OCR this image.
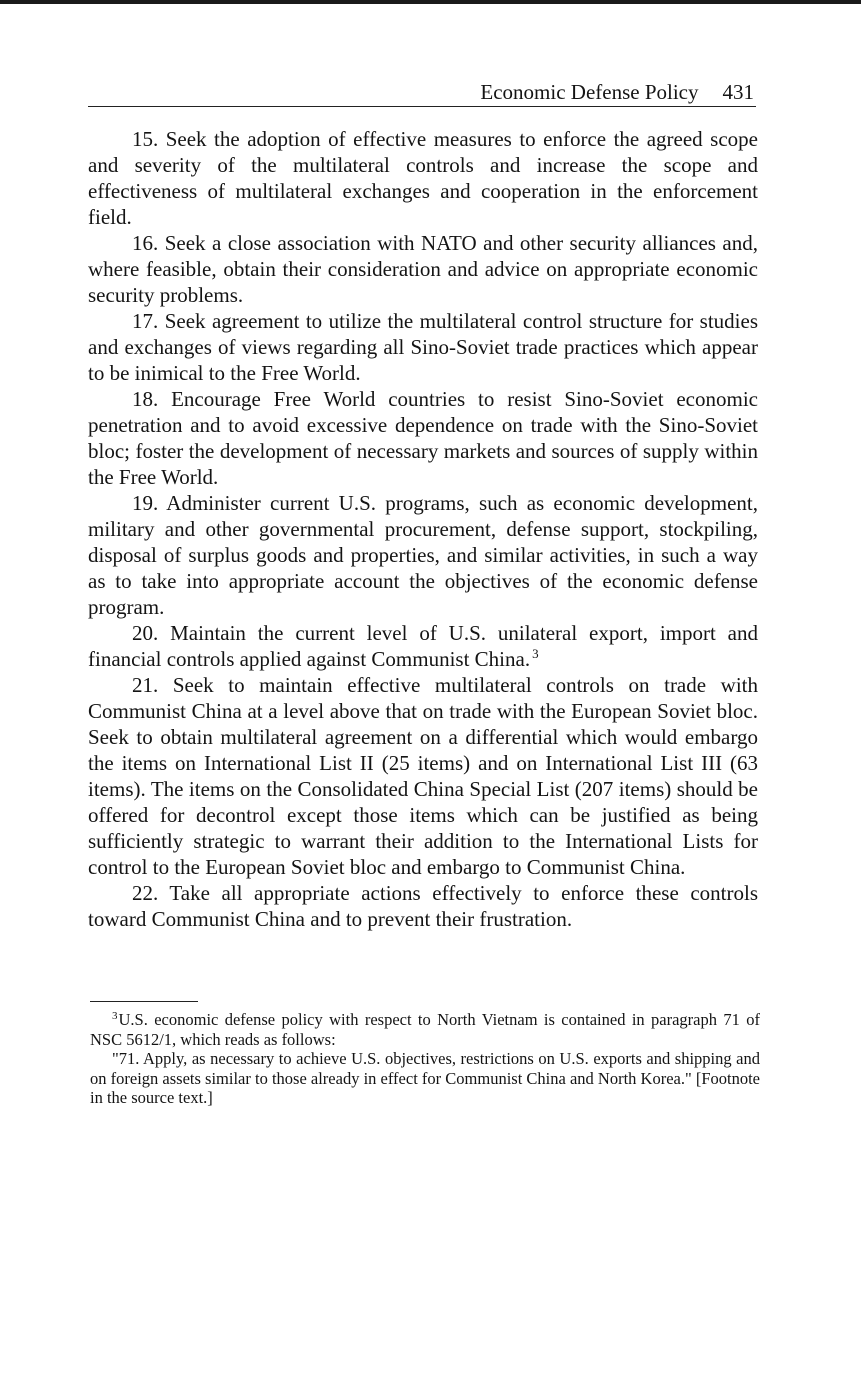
Economic Defense Policy 431

15. Seek the adoption of effective measures to enforce the agreed scope and severity of the multilateral controls and increase the scope and effectiveness of multilateral exchanges and cooperation in the enforcement field.

16. Seek a close association with NATO and other security alliances and, where feasible, obtain their consideration and advice on appropriate economic security problems.

17. Seek agreement to utilize the multilateral control structure for studies and exchanges of views regarding all Sino-Soviet trade practices which appear to be inimical to the Free World.

18. Encourage Free World countries to resist Sino-Soviet economic penetration and to avoid excessive dependence on trade with the Sino-Soviet bloc; foster the development of necessary markets and sources of supply within the Free World.

19. Administer current U.S. programs, such as economic development, military and other governmental procurement, defense support, stockpiling, disposal of surplus goods and properties, and similar activities, in such a way as to take into appropriate account the objectives of the economic defense program.

20. Maintain the current level of U.S. unilateral export, import and financial controls applied against Communist China. $^3$

21. Seek to maintain effective multilateral controls on trade with Communist China at a level above that on trade with the European Soviet bloc. Seek to obtain multilateral agreement on a differential which would embargo the items on International List II (25 items) and on International List III (63 items). The items on the Consolidated China Special List (207 items) should be offered for decontrol except those items which can be justified as being sufficiently strategic to warrant their addition to the International Lists for control to the European Soviet bloc and embargo to Communist China.

22. Take all appropriate actions effectively to enforce these controls toward Communist China and to prevent their frustration.

$^3$U.S. economic defense policy with respect to North Vietnam is contained in paragraph 71 of NSC 5612/1, which reads as follows:

"71. Apply, as necessary to achieve U.S. objectives, restrictions on U.S. exports and shipping and on foreign assets similar to those already in effect for Communist China and North Korea." [Footnote in the source text.]
